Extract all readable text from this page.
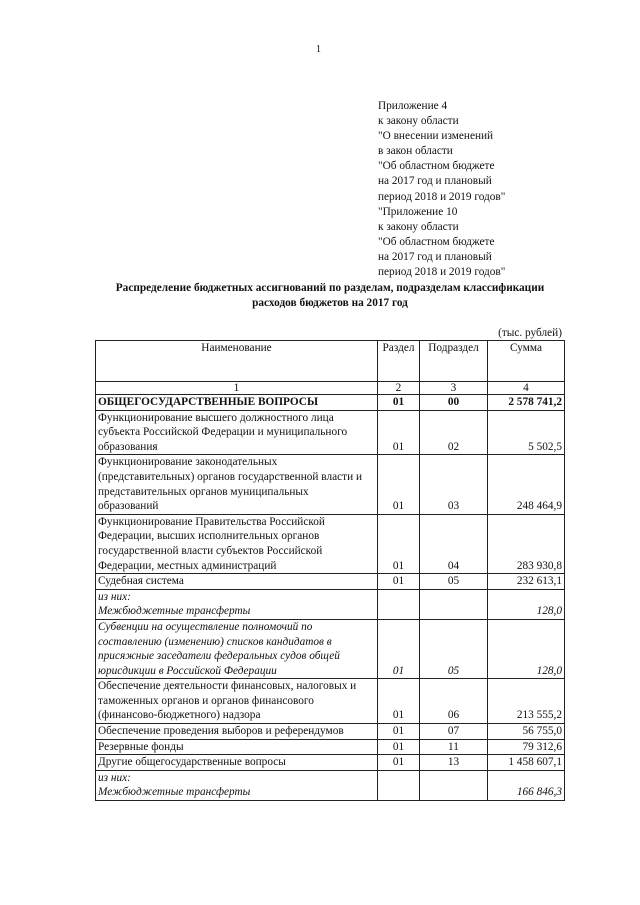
1
Приложение 4
к закону области
"О внесении изменений
в закон области
"Об областном бюджете
на 2017 год и плановый
период 2018 и 2019 годов"
"Приложение 10
к закону области
"Об областном бюджете
на 2017 год и плановый
период 2018 и 2019 годов"
Распределение бюджетных ассигнований по разделам, подразделам классификации
расходов бюджетов на 2017 год
(тыс. рублей)
Наименование	Раздел	Подраздел	Сумма
1	2	3	4
ОБЩЕГОСУДАРСТВЕННЫЕ ВОПРОСЫ	01	00	2 578 741,2
Функционирование высшего должностного лица
субъекта Российской Федерации и муниципального
образования	01	02	5 502,5
Функционирование законодательных
(представительных) органов государственной власти и
представительных органов муниципальных
образований	01	03	248 464,9
Функционирование Правительства Российской
Федерации, высших исполнительных органов
государственной власти субъектов Российской
Федерации, местных администраций	01	04	283 930,8
Судебная система	01	05	232 613,1
из них:
Межбюджетные трансферты			128,0
Субвенции на осуществление полномочий по
составлению (изменению) списков кандидатов в
присяжные заседатели федеральных судов общей
юрисдикции в Российской Федерации	01	05	128,0
Обеспечение деятельности финансовых, налоговых и
таможенных органов и органов финансового
(финансово-бюджетного) надзора	01	06	213 555,2
Обеспечение проведения выборов и референдумов	01	07	56 755,0
Резервные фонды	01	11	79 312,6
Другие общегосударственные вопросы	01	13	1 458 607,1
из них:
Межбюджетные трансферты			166 846,3
